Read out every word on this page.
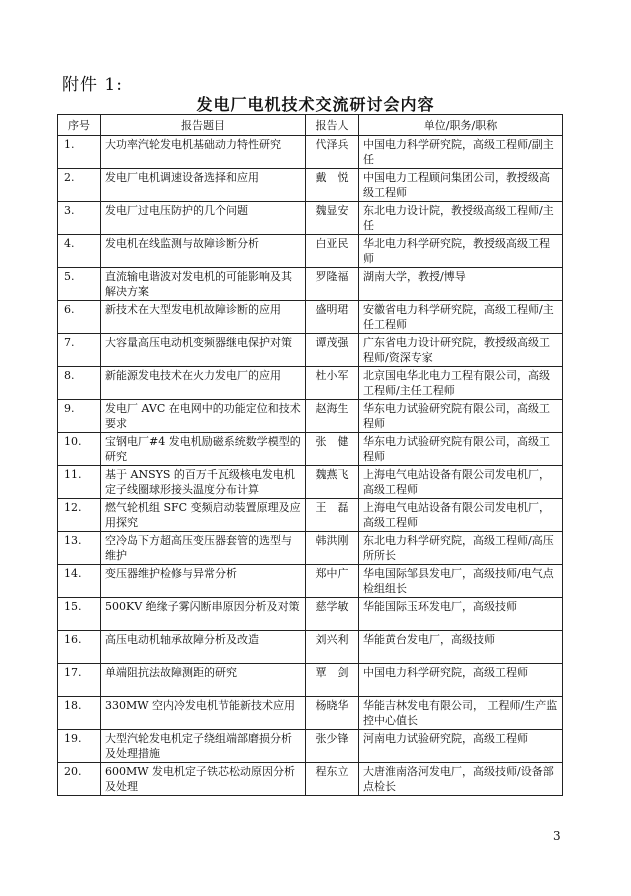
附件 1:
发电厂电机技术交流研讨会内容
序号	报告题目	报告人	单位/职务/职称
1.	大功率汽轮发电机基础动力特性研究	代泽兵	中国电力科学研究院，高级工程师/副主任
2.	发电厂电机调速设备选择和应用	戴　悦	中国电力工程顾问集团公司，教授级高级工程师
3.	发电厂过电压防护的几个问题	魏显安	东北电力设计院，教授级高级工程师/主任
4.	发电机在线监测与故障诊断分析	白亚民	华北电力科学研究院，教授级高级工程师
5.	直流输电谐波对发电机的可能影响及其解决方案	罗隆福	湖南大学，教授/博导
6.	新技术在大型发电机故障诊断的应用	盛明珺	安徽省电力科学研究院，高级工程师/主任工程师
7.	大容量高压电动机变频器继电保护对策	谭茂强	广东省电力设计研究院，教授级高级工程师/资深专家
8.	新能源发电技术在火力发电厂的应用	杜小军	北京国电华北电力工程有限公司，高级工程师/主任工程师
9.	发电厂 AVC 在电网中的功能定位和技术要求	赵海生	华东电力试验研究院有限公司，高级工程师
10.	宝钢电厂#4 发电机励磁系统数学模型的研究	张　健	华东电力试验研究院有限公司，高级工程师
11.	基于 ANSYS 的百万千瓦级核电发电机定子线圈球形接头温度分布计算	魏燕飞	上海电气电站设备有限公司发电机厂，高级工程师
12.	燃气轮机组 SFC 变频启动装置原理及应用探究	王　磊	上海电气电站设备有限公司发电机厂，高级工程师
13.	空冷岛下方超高压变压器套管的选型与维护	韩洪刚	东北电力科学研究院，高级工程师/高压所所长
14.	变压器维护检修与异常分析	郑中广	华电国际邹县发电厂，高级技师/电气点检组组长
15.	500KV 绝缘子雾闪断串原因分析及对策	慈学敏	华能国际玉环发电厂，高级技师
16.	高压电动机轴承故障分析及改造	刘兴利	华能黄台发电厂，高级技师
17.	单端阻抗法故障测距的研究	覃　剑	中国电力科学研究院，高级工程师
18.	330MW 空内冷发电机节能新技术应用	杨晓华	华能吉林发电有限公司， 工程师/生产监控中心值长
19.	大型汽轮发电机定子绕组端部磨损分析及处理措施	张少锋	河南电力试验研究院，高级工程师
20.	600MW 发电机定子铁芯松动原因分析及处理	程东立	大唐淮南洛河发电厂，高级技师/设备部点检长
3
